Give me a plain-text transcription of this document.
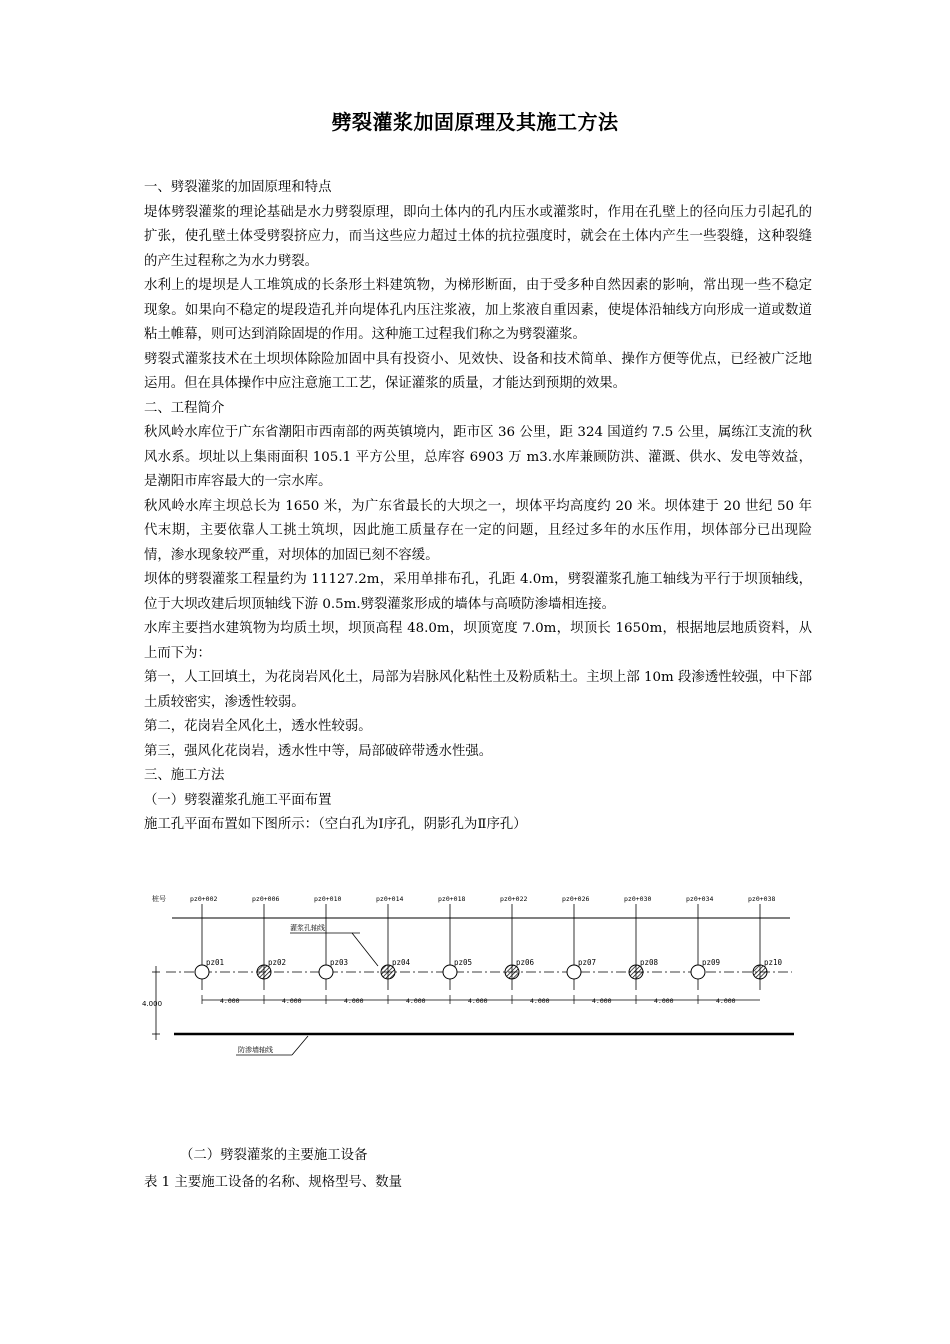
劈裂灌浆加固原理及其施工方法

一、劈裂灌浆的加固原理和特点

堤体劈裂灌浆的理论基础是水力劈裂原理，即向土体内的孔内压水或灌浆时，作用在孔壁上的径向压力引起孔的扩张，使孔壁土体受劈裂挤应力，而当这些应力超过土体的抗拉强度时，就会在土体内产生一些裂缝，这种裂缝的产生过程称之为水力劈裂。

水利上的堤坝是人工堆筑成的长条形土料建筑物，为梯形断面，由于受多种自然因素的影响，常出现一些不稳定现象。如果向不稳定的堤段造孔并向堤体孔内压注浆液，加上浆液自重因素，使堤体沿轴线方向形成一道或数道粘土帷幕，则可达到消除固堤的作用。这种施工过程我们称之为劈裂灌浆。

劈裂式灌浆技术在土坝坝体除险加固中具有投资小、见效快、设备和技术简单、操作方便等优点，已经被广泛地运用。但在具体操作中应注意施工工艺，保证灌浆的质量，才能达到预期的效果。

二、工程简介

秋风岭水库位于广东省潮阳市西南部的两英镇境内，距市区 36 公里，距 324 国道约 7.5 公里，属练江支流的秋风水系。坝址以上集雨面积 105.1 平方公里，总库容 6903 万 m3.水库兼顾防洪、灌溉、供水、发电等效益，是潮阳市库容最大的一宗水库。

秋风岭水库主坝总长为 1650 米，为广东省最长的大坝之一，坝体平均高度约 20 米。坝体建于 20 世纪 50 年代末期，主要依靠人工挑土筑坝，因此施工质量存在一定的问题，且经过多年的水压作用，坝体部分已出现险情，渗水现象较严重，对坝体的加固已刻不容缓。

坝体的劈裂灌浆工程量约为 11127.2m，采用单排布孔，孔距 4.0m，劈裂灌浆孔施工轴线为平行于坝顶轴线，位于大坝改建后坝顶轴线下游 0.5m.劈裂灌浆形成的墙体与高喷防渗墙相连接。

水库主要挡水建筑物为均质土坝，坝顶高程 48.0m，坝顶宽度 7.0m，坝顶长 1650m，根据地层地质资料，从上而下为：

第一，人工回填土，为花岗岩风化土，局部为岩脉风化粘性土及粉质粘土。主坝上部 10m 段渗透性较强，中下部土质较密实，渗透性较弱。

第二，花岗岩全风化土，透水性较弱。

第三，强风化花岗岩，透水性中等，局部破碎带透水性强。

三、施工方法

（一）劈裂灌浆孔施工平面布置

施工孔平面布置如下图所示：（空白孔为Ⅰ序孔，阴影孔为Ⅱ序孔）

pz0+002	pz0+006	pz0+010	pz0+014	pz0+018	pz0+022	pz0+026	pz0+030	pz0+034	pz0+038
pz01	pz02	pz03	pz04	pz05	pz06	pz07	pz08	pz09	pz10
4.000	4.000	4.000	4.000	4.000	4.000	4.000	4.000	4.000
桩号
灌浆孔轴线
防渗墙轴线
4.000

（二）劈裂灌浆的主要施工设备

表 1 主要施工设备的名称、规格型号、数量
